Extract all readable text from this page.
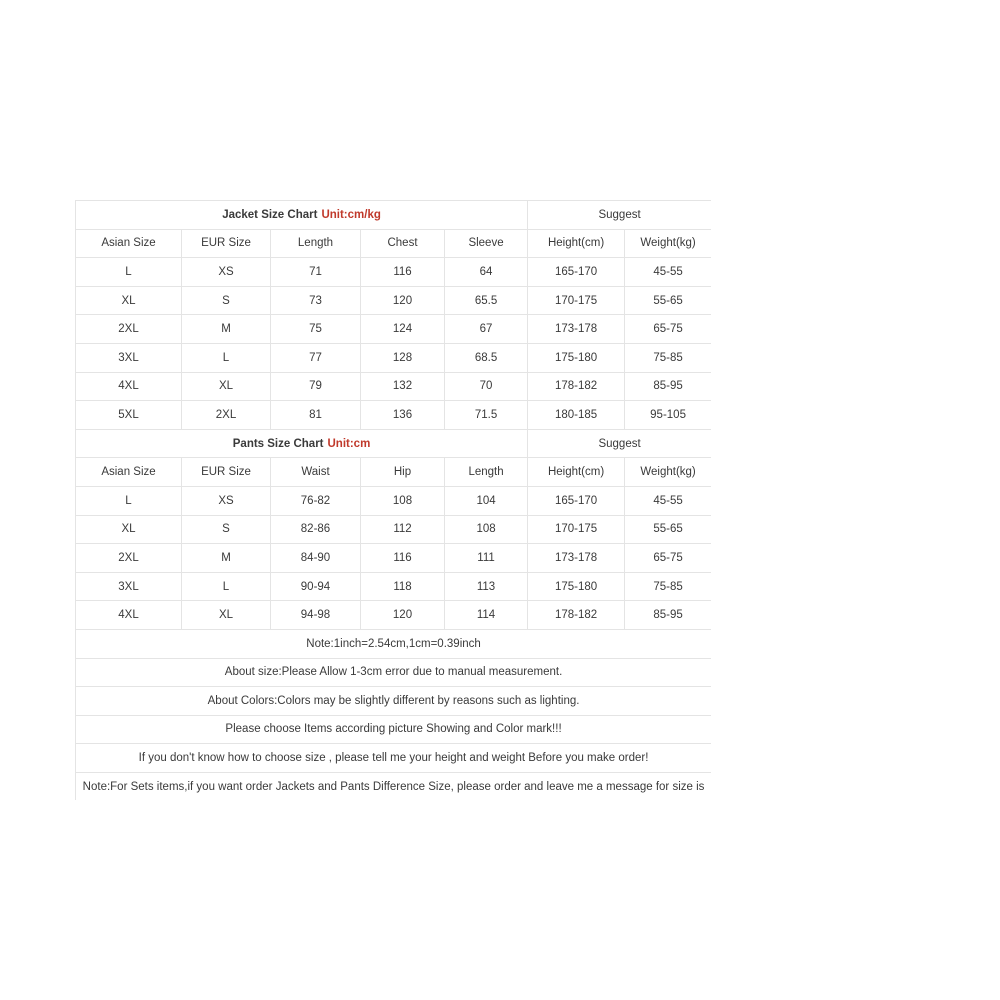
Jacket Size Chart Unit:cm/kg					Suggest	
Asian Size	EUR Size	Length	Chest	Sleeve	Height(cm)	Weight(kg)
L	XS	71	116	64	165-170	45-55
XL	S	73	120	65.5	170-175	55-65
2XL	M	75	124	67	173-178	65-75
3XL	L	77	128	68.5	175-180	75-85
4XL	XL	79	132	70	178-182	85-95
5XL	2XL	81	136	71.5	180-185	95-105
Pants Size Chart Unit:cm					Suggest	
Asian Size	EUR Size	Waist	Hip	Length	Height(cm)	Weight(kg)
L	XS	76-82	108	104	165-170	45-55
XL	S	82-86	112	108	170-175	55-65
2XL	M	84-90	116	111	173-178	65-75
3XL	L	90-94	118	113	175-180	75-85
4XL	XL	94-98	120	114	178-182	85-95
Note:1inch=2.54cm,1cm=0.39inch						
About size:Please Allow 1-3cm error due to manual measurement.						
About Colors:Colors may be slightly different by reasons such as lighting.						
Please choose Items according picture Showing and Color mark!!!						
If you don't know how to choose size , please tell me your height and weight Before you make order!						
Note:For Sets items,if you want order Jackets and Pants Difference Size, please order and leave me a message for size is						
